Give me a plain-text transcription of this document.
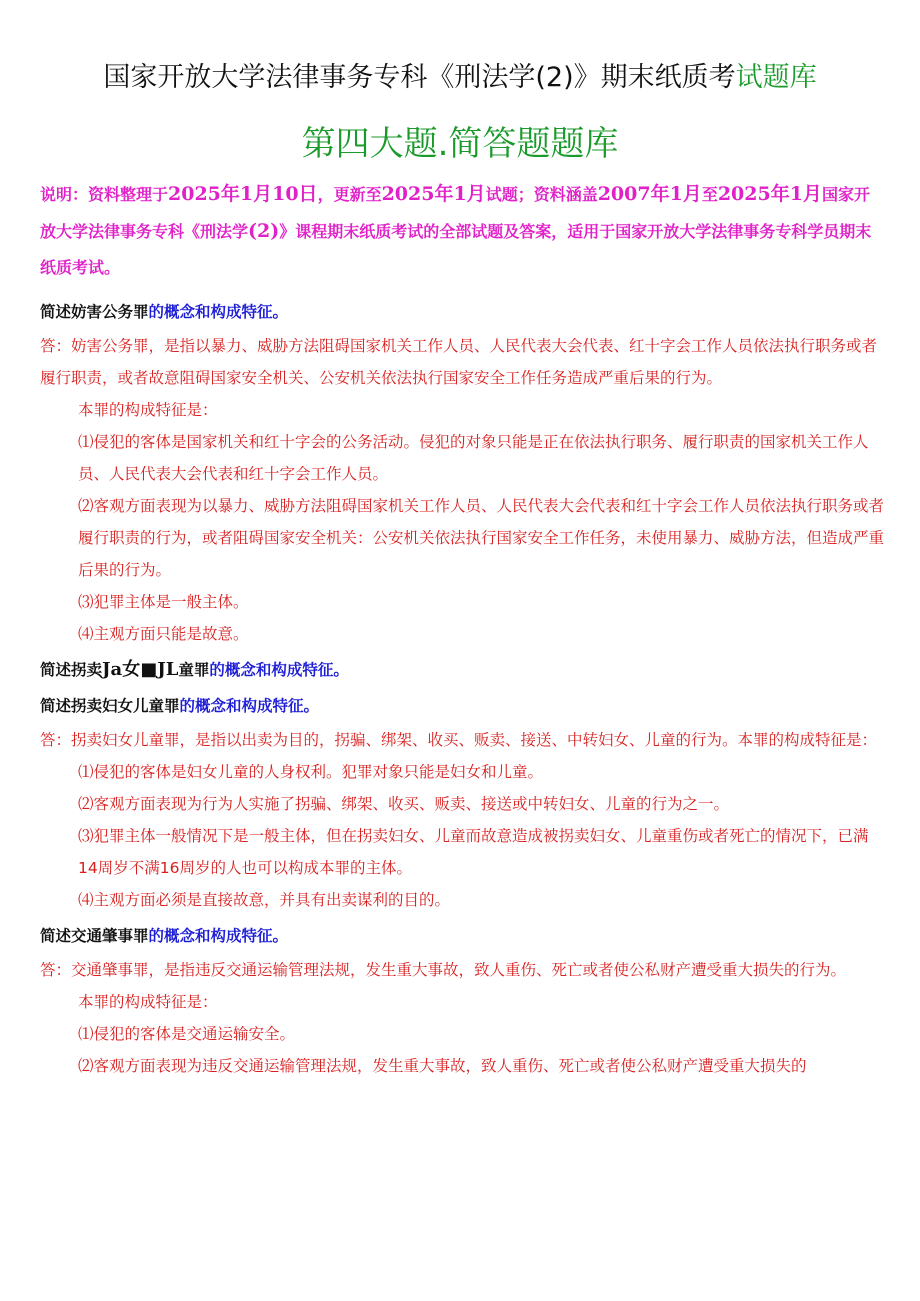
国家开放大学法律事务专科《刑法学(2)》期末纸质考试题库
第四大题.简答题题库
说明：资料整理于2025年1月10日，更新至2025年1月试题；资料涵盖2007年1月至2025年1月国家开放大学法律事务专科《刑法学(2)》课程期末纸质考试的全部试题及答案，适用于国家开放大学法律事务专科学员期末纸质考试。
简述妨害公务罪的概念和构成特征。

答：妨害公务罪，是指以暴力、威胁方法阻碍国家机关工作人员、人民代表大会代表、红十字会工作人员依法执行职务或者履行职责，或者故意阻碍国家安全机关、公安机关依法执行国家安全工作任务造成严重后果的行为。

本罪的构成特征是：

⑴侵犯的客体是国家机关和红十字会的公务活动。侵犯的对象只能是正在依法执行职务、履行职责的国家机关工作人员、人民代表大会代表和红十字会工作人员。

⑵客观方面表现为以暴力、威胁方法阻碍国家机关工作人员、人民代表大会代表和红十字会工作人员依法执行职务或者履行职责的行为，或者阻碍国家安全机关：公安机关依法执行国家安全工作任务，未使用暴力、威胁方法，但造成严重后果的行为。

⑶犯罪主体是一般主体。

⑷主观方面只能是故意。

简述拐卖Ja女■JL童罪的概念和构成特征。
简述拐卖妇女儿童罪的概念和构成特征。

答：拐卖妇女儿童罪，是指以出卖为目的，拐骗、绑架、收买、贩卖、接送、中转妇女、儿童的行为。本罪的构成特征是：

⑴侵犯的客体是妇女儿童的人身权利。犯罪对象只能是妇女和儿童。

⑵客观方面表现为行为人实施了拐骗、绑架、收买、贩卖、接送或中转妇女、儿童的行为之一。

⑶犯罪主体一般情况下是一般主体，但在拐卖妇女、儿童而故意造成被拐卖妇女、儿童重伤或者死亡的情况下，已满14周岁不满16周岁的人也可以构成本罪的主体。

⑷主观方面必须是直接故意，并具有出卖谋利的目的。

简述交通肇事罪的概念和构成特征。

答：交通肇事罪，是指违反交通运输管理法规，发生重大事故，致人重伤、死亡或者使公私财产遭受重大损失的行为。

本罪的构成特征是：

⑴侵犯的客体是交通运输安全。

⑵客观方面表现为违反交通运输管理法规，发生重大事故，致人重伤、死亡或者使公私财产遭受重大损失的
